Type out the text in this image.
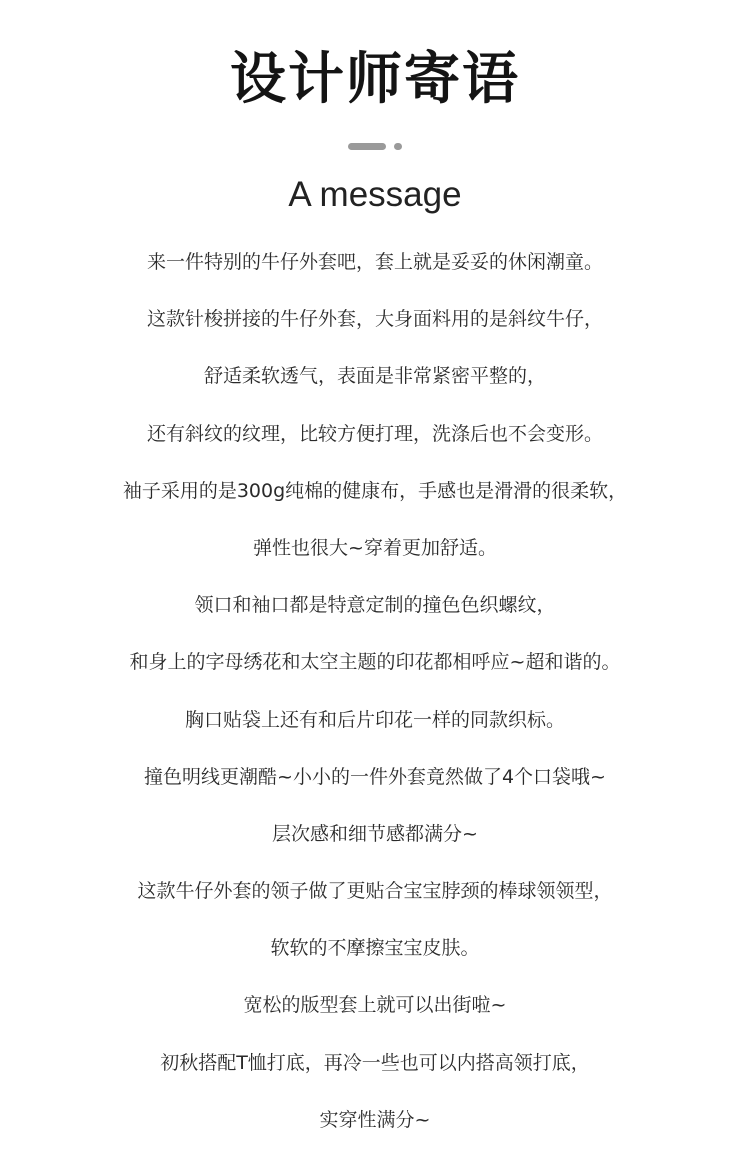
设计师寄语
A message
来一件特别的牛仔外套吧，套上就是妥妥的休闲潮童。
这款针梭拼接的牛仔外套，大身面料用的是斜纹牛仔，
舒适柔软透气，表面是非常紧密平整的，
还有斜纹的纹理，比较方便打理，洗涤后也不会变形。
袖子采用的是300g纯棉的健康布，手感也是滑滑的很柔软，
弹性也很大~穿着更加舒适。
领口和袖口都是特意定制的撞色色织螺纹，
和身上的字母绣花和太空主题的印花都相呼应~超和谐的。
胸口贴袋上还有和后片印花一样的同款织标。
撞色明线更潮酷~小小的一件外套竟然做了4个口袋哦~
层次感和细节感都满分~
这款牛仔外套的领子做了更贴合宝宝脖颈的棒球领领型，
软软的不摩擦宝宝皮肤。
宽松的版型套上就可以出街啦~
初秋搭配T恤打底，再冷一些也可以内搭高领打底，
实穿性满分~
